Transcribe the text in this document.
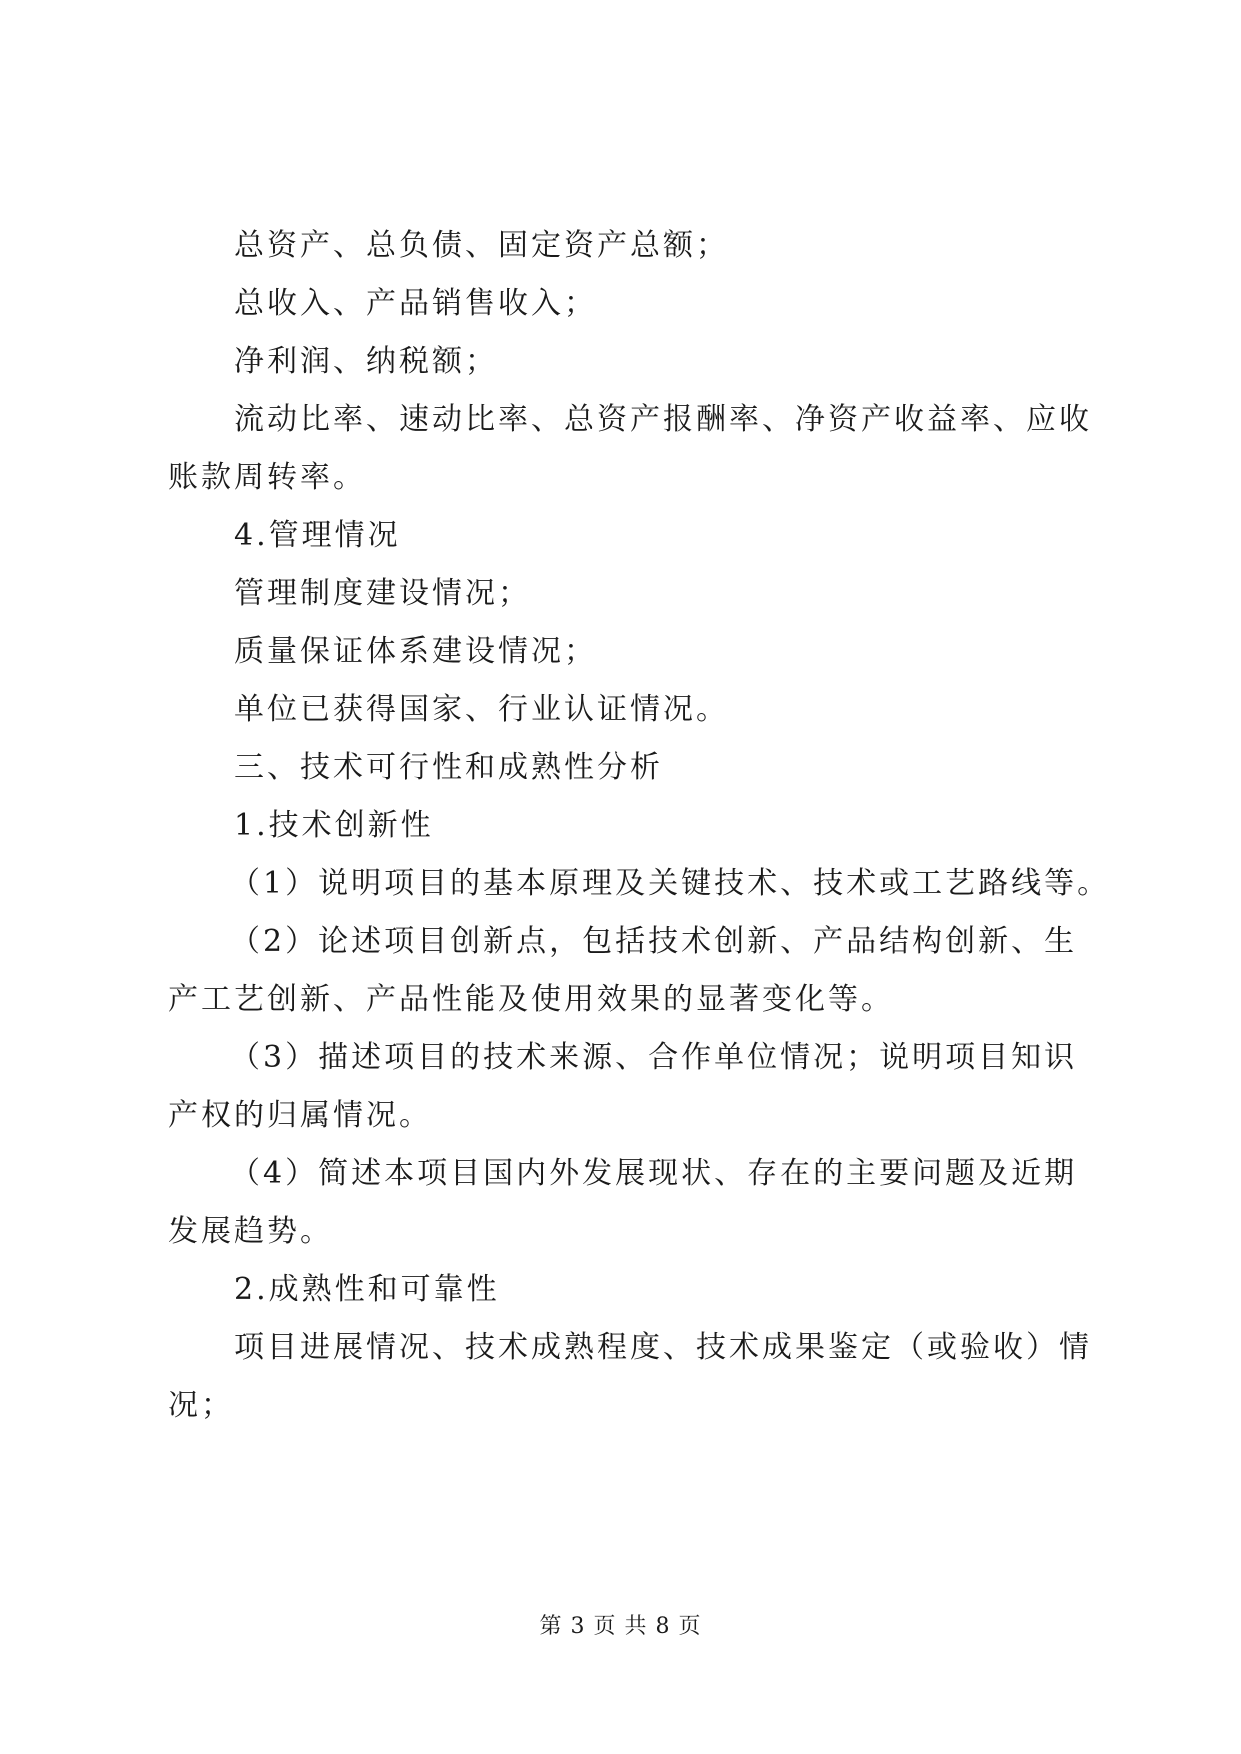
总资产、总负债、固定资产总额；
总收入、产品销售收入；
净利润、纳税额；
流动比率、速动比率、总资产报酬率、净资产收益率、应收
账款周转率。
4.管理情况
管理制度建设情况；
质量保证体系建设情况；
单位已获得国家、行业认证情况。
三、技术可行性和成熟性分析
1.技术创新性
（1）说明项目的基本原理及关键技术、技术或工艺路线等。
（2）论述项目创新点，包括技术创新、产品结构创新、生
产工艺创新、产品性能及使用效果的显著变化等。
（3）描述项目的技术来源、合作单位情况；说明项目知识
产权的归属情况。
（4）简述本项目国内外发展现状、存在的主要问题及近期
发展趋势。
2.成熟性和可靠性
项目进展情况、技术成熟程度、技术成果鉴定（或验收）情
况；
第 3 页 共 8 页
